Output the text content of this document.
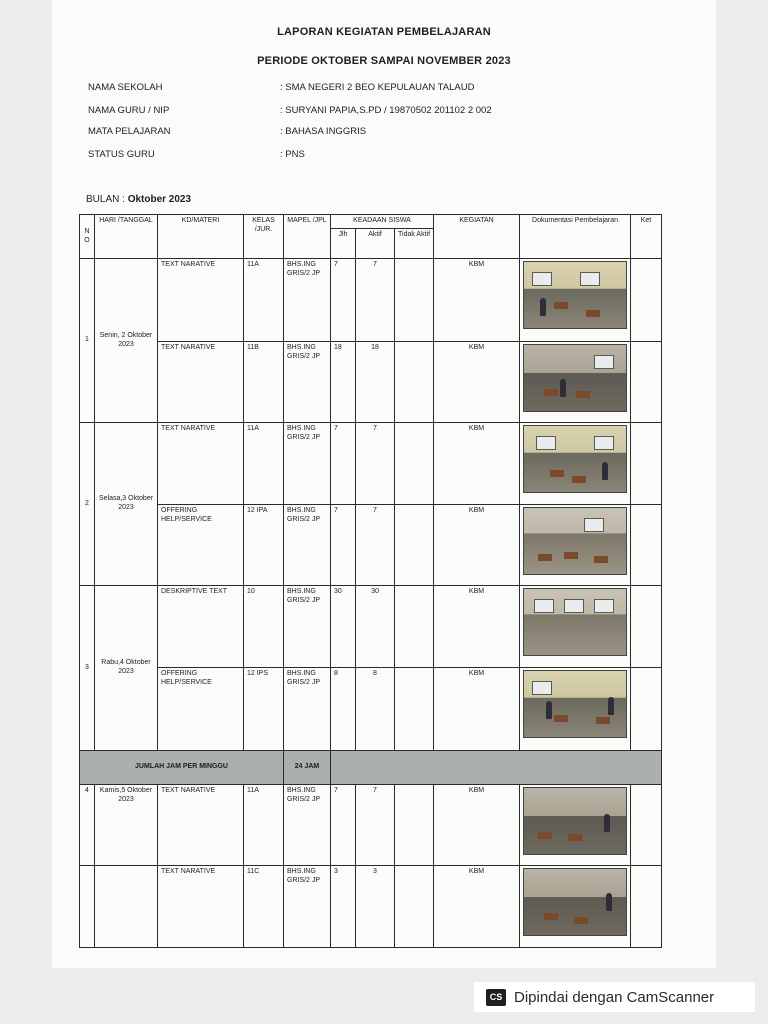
LAPORAN KEGIATAN PEMBELAJARAN
PERIODE OKTOBER SAMPAI NOVEMBER 2023
NAMA SEKOLAH	: SMA NEGERI 2 BEO KEPULAUAN TALAUD
NAMA GURU / NIP	: SURYANI PAPIA,S.PD / 19870502 201102 2 002
MATA PELAJARAN	: BAHASA INGGRIS
STATUS GURU	: PNS
BULAN : Oktober 2023
N O	HARI /TANGGAL	KD/MATERI	KELAS /JUR.	MAPEL /JPL	KEADAAN SISWA			KEGIATAN	Dokumentasi Pembelajaran	Ket
					Jlh	Aktif	Tidak Aktif			
1	Senin, 2 Oktober 2023	TEXT NARATIVE	11A	BHS.ING GRIS/2 JP	7	7		KBM	

		TEXT NARATIVE	11B	BHS.ING GRIS/2 JP	18	18		KBM	

2	Selasa,3 Oktober 2023	TEXT NARATIVE	11A	BHS.ING GRIS/2 JP	7	7		KBM	

		OFFERING HELP/SERVICE	12 IPA	BHS.ING GRIS/2 JP	7	7		KBM	

3	Rabu,4 Oktober 2023	DESKRIPTIVE TEXT	10	BHS.ING GRIS/2 JP	30	30		KBM	

		OFFERING HELP/SERVICE	12 IPS	BHS.ING GRIS/2 JP	8	8		KBM	

JUMLAH JAM PER MINGGU				24 JAM						
4	Kamis,5 Oktober 2023	TEXT NARATIVE	11A	BHS.ING GRIS/2 JP	7	7		KBM	

		TEXT NARATIVE	11C	BHS.ING GRIS/2 JP	3	3		KBM	

CS Dipindai dengan CamScanner
